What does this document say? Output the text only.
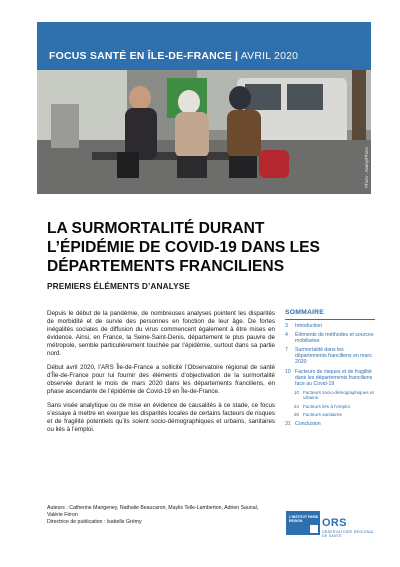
FOCUS SANTÉ EN ÎLE-DE-FRANCE | AVRIL 2020
Photo : Alamy/Photo
LA SURMORTALITÉ DURANT L’ÉPIDÉMIE DE COVID-19 DANS LES DÉPARTEMENTS FRANCILIENS
PREMIERS ÉLÉMENTS D’ANALYSE

Depuis le début de la pandémie, de nombreuses analyses pointent les disparités de morbidité et de survie des personnes en fonction de leur âge. De fortes inégalités sociales de diffusion du virus commencent également à être mises en évidence. Ainsi, en France, la Seine-Saint-Denis, département le plus pauvre de métropole, semble particulièrement touchée par l’épidémie, surtout dans sa partie nord.

Début avril 2020, l’ARS Île-de-France a sollicité l’Observatoire régional de santé d’Île-de-France pour lui fournir des éléments d’objectivation de la surmortalité observée durant le mois de mars 2020 dans les départements franciliens, en phase ascendante de l’épidémie de Covid-19 en Île-de-France.

Sans visée analytique ou de mise en évidence de causalités à ce stade, ce focus s’essaye à mettre en exergue les disparités locales de certains facteurs de risques et de fragilité potentiels qu’ils soient socio-démographiques et urbains, sanitaires ou liés à l’emploi.

Auteurs : Catherine Mangeney, Nathalie Beaucaron, Maylis Telle-Lamberton, Adrien Saunal, Valérie Féron
Directrice de publication : Isabelle Grémy
SOMMAIRE
3	Introduction
4	Éléments de méthodes et sources mobilisées
7	Surmortalité dans les départements franciliens en mars 2020
10 Facteurs de risques et de fragilité dans les départements franciliens face au Covid-19
10 Facteurs socio-démographiques et urbains
24 Facteurs liés à l’emploi
28 Facteurs sanitaires
31 Conclusion
L’INSTITUT PARIS REGION	ORS
OBSERVATOIRE RÉGIONAL DE SANTÉ
